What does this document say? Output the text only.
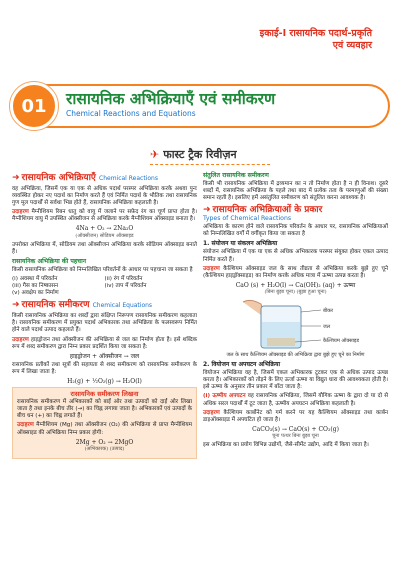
इकाई-I रासायनिक पदार्थ-प्रकृति
एवं व्यवहार
रासायनिक अभिक्रियाएँ एवं समीकरण
Chemical Reactions and Equations
01
✈ फास्ट ट्रैक रिवीज़न
➜ रासायनिक अभिक्रियाएँ Chemical Reactions

वह अभिक्रिया, जिसमें एक या एक से अधिक पदार्थ परस्पर अभिक्रिया करके अथवा पुनः व्यवस्थित होकर नए पदार्थ का निर्माण करते हैं एवं निर्मित पदार्थ के भौतिक तथा रासायनिक गुण मूल पदार्थों से सर्वथा भिन्न होते हैं, रासायनिक अभिक्रिया कहलाती है।

उदाहरण मैग्नीशियम रिबन धातु को वायु में जलाने पर सफ़ेद रंग का चूर्ण प्राप्त होता है। मैग्नीशियम वायु में उपस्थित ऑक्सीजन से अभिक्रिया करके मैग्नीशियम ऑक्साइड बनाता है।

4Na + O₂ → 2Na₂O
(ऑक्सीजन) सोडियम ऑक्साइड

उपरोक्त अभिक्रिया में, सोडियम तथा ऑक्सीजन अभिक्रिया करके सोडियम ऑक्साइड बनाते हैं।

रासायनिक अभिक्रिया की पहचान

किसी रासायनिक अभिक्रिया को निम्नलिखित परिवर्तनों के आधार पर पहचाना जा सकता है

(i) अवस्था में परिवर्तन	(ii) रंग में परिवर्तन
(iii) गैस का निष्कासन	(iv) ताप में परिवर्तन
(v) अवक्षेप का निर्माण
➜ रासायनिक समीकरण Chemical Equations

किसी रासायनिक अभिक्रिया का शब्दों द्वारा संक्षिप्त निरूपण रासायनिक समीकरण कहलाता है। रासायनिक समीकरण में प्रयुक्त पदार्थ अभिकारक तथा अभिक्रिया के फलस्वरूप निर्मित होने वाले पदार्थ उत्पाद कहलाते हैं।

उदाहरण हाइड्रोजन तथा ऑक्सीजन की अभिक्रिया से जल का निर्माण होता है। इसे शब्दिक रूप में शब्द समीकरण द्वारा निम्न प्रकार प्रदर्शित किया जा सकता है:

हाइड्रोजन + ऑक्सीजन → जल

रासायनिक प्रतीकों तथा सूत्रों की सहायता से शब्द समीकरण को रासायनिक समीकरण के रूप में लिखा जाता है:

H₂(g) + ½O₂(g) → H₂O(l)
रासायनिक समीकरण लिखना

रासायनिक समीकरण में अभिकारकों को बाईं ओर तथा उत्पादों को दाईं ओर लिखा जाता है तथा इनके बीच तीर (→) का चिह्न लगाया जाता है। अभिकारकों एवं उत्पादों के बीच धन (+) का चिह्न लगाते हैं।

उदाहरण मैग्नीशियम (Mg) तथा ऑक्सीजन (O₂) की अभिक्रिया से प्राप्त मैग्नीशियम ऑक्साइड की अभिक्रिया निम्न प्रकार होगी:

2Mg + O₂ → 2MgO
(अभिकारक) (उत्पाद)
संतुलित रासायनिक समीकरण

किसी भी रासायनिक अभिक्रिया में द्रव्यमान का न तो निर्माण होता है न ही विनाश। दूसरे शब्दों में, रासायनिक अभिक्रिया के पहले तथा बाद में प्रत्येक तत्व के परमाणुओं की संख्या समान रहती है। इसलिए हमें असंतुलित समीकरण को संतुलित करना आवश्यक है।

➜ रासायनिक अभिक्रियाओं के प्रकार
Types of Chemical Reactions

अभिक्रिया के कारण होने वाले रासायनिक परिवर्तन के आधार पर, रासायनिक अभिक्रियाओं को निम्नलिखित वर्गों में वर्गीकृत किया जा सकता है

1. संयोजन या संकलन अभिक्रिया

संयोजन अभिक्रिया में एक या एक से अधिक अभिकारक परस्पर संयुक्त होकर एकल उत्पाद निर्मित करते हैं।

उदाहरण कैल्शियम ऑक्साइड जल के साथ तीव्रता से अभिक्रिया करके बुझे हुए चूने (कैल्शियम हाइड्रॉक्साइड) का निर्माण करके अधिक मात्रा में ऊष्मा उत्पन्न करता है।

CaO (s) + H₂O(l) → Ca(OH)₂ (aq) + ऊष्मा
(बिना बुझा चूना) (बुझा हुआ चूना)
बीकर
जल
कैल्शियम ऑक्साइड
जल के साथ कैल्शियम ऑक्साइड की अभिक्रिया द्वारा बुझे हुए चूने का निर्माण
2. वियोजन या अपघटन अभिक्रिया

वियोजन अभिक्रिया वह है, जिसमें एकल अभिकारक टूटकर एक से अधिक उत्पाद उत्पन्न करता है। अभिकारकों को तोड़ने के लिए ऊर्जा ऊष्मा या विद्युत धारा की आवश्यकता होती है। इसे ऊष्मा के अनुसार तीन प्रकार में बाँटा जाता है:

(i) ऊष्मीय अपघटन वह रासायनिक अभिक्रिया, जिसमें यौगिक ऊष्मा के द्वारा दो या दो से अधिक सरल पदार्थों में टूट जाता है, ऊष्मीय अपघटन अभिक्रिया कहलाती है।

उदाहरण कैल्शियम कार्बोनेट को गर्म करने पर यह कैल्शियम ऑक्साइड तथा कार्बन डाइऑक्साइड में अपघटित हो जाता है।

CaCO₃(s) → CaO(s) + CO₂(g)
चूना पत्थर बिना बुझा चूना

इस अभिक्रिया का प्रयोग विभिन्न उद्योगों, जैसे-सीमेंट उद्योग, आदि में किया जाता है।
